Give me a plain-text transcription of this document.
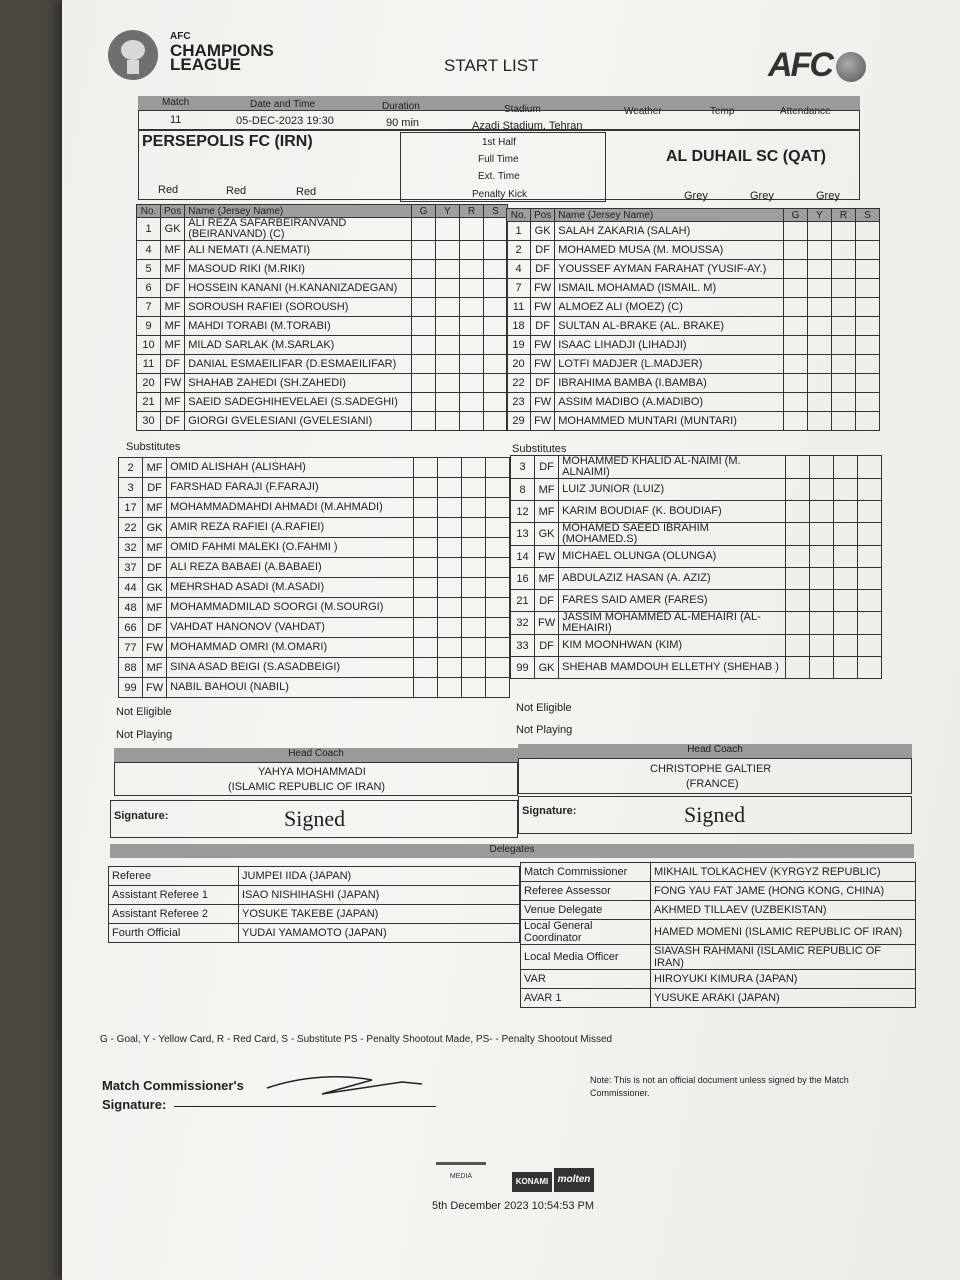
AFC
CHAMPIONS
LEAGUE	START LIST	AFC
Match	Date and Time	Duration	Stadium	Weather	Temp	Attendance
11	05-DEC-2023 19:30	90 min	Azadi Stadium, Tehran
PERSEPOLIS FC (IRN)
AL DUHAIL SC (QAT)
Red	Red	Red	Grey	Grey	Grey
1st Half
Full Time
Ext. Time
Penalty Kick
No.	Pos	Name (Jersey Name)	G	Y	R	S
1	GK	ALI REZA SAFARBEIRANVAND (BEIRANVAND) (C)				
4	MF	ALI NEMATI (A.NEMATI)				
5	MF	MASOUD RIKI (M.RIKI)				
6	DF	HOSSEIN KANANI (H.KANANIZADEGAN)				
7	MF	SOROUSH RAFIEI (SOROUSH)				
9	MF	MAHDI TORABI (M.TORABI)				
10	MF	MILAD SARLAK (M.SARLAK)				
11	DF	DANIAL ESMAEILIFAR (D.ESMAEILIFAR)				
20	FW	SHAHAB ZAHEDI (SH.ZAHEDI)				
21	MF	SAEID SADEGHIHEVELAEI (S.SADEGHI)				
30	DF	GIORGI GVELESIANI (GVELESIANI)				
No.	Pos	Name (Jersey Name)	G	Y	R	S
1	GK	SALAH ZAKARIA (SALAH)				
2	DF	MOHAMED MUSA (M. MOUSSA)				
4	DF	YOUSSEF AYMAN FARAHAT (YUSIF-AY.)				
7	FW	ISMAIL MOHAMAD (ISMAIL. M)				
11	FW	ALMOEZ ALI (MOEZ) (C)				
18	DF	SULTAN AL-BRAKE (AL. BRAKE)				
19	FW	ISAAC LIHADJI (LIHADJI)				
20	FW	LOTFI MADJER (L.MADJER)				
22	DF	IBRAHIMA BAMBA (I.BAMBA)				
23	FW	ASSIM MADIBO (A.MADIBO)				
29	FW	MOHAMMED MUNTARI (MUNTARI)				
Substitutes	Substitutes
2	MF	OMID ALISHAH (ALISHAH)				
3	DF	FARSHAD FARAJI (F.FARAJI)				
17	MF	MOHAMMADMAHDI AHMADI (M.AHMADI)				
22	GK	AMIR REZA RAFIEI (A.RAFIEI)				
32	MF	OMID FAHMI MALEKI (O.FAHMI )				
37	DF	ALI REZA BABAEI (A.BABAEI)				
44	GK	MEHRSHAD ASADI (M.ASADI)				
48	MF	MOHAMMADMILAD SOORGI (M.SOURGI)				
66	DF	VAHDAT HANONOV (VAHDAT)				
77	FW	MOHAMMAD OMRI (M.OMARI)				
88	MF	SINA ASAD BEIGI (S.ASADBEIGI)				
99	FW	NABIL BAHOUI (NABIL)				
3	DF	MOHAMMED KHALID AL-NAIMI (M. ALNAIMI)				
8	MF	LUIZ JUNIOR (LUIZ)				
12	MF	KARIM BOUDIAF (K. BOUDIAF)				
13	GK	MOHAMED SAEED IBRAHIM (MOHAMED.S)				
14	FW	MICHAEL OLUNGA (OLUNGA)				
16	MF	ABDULAZIZ HASAN (A. AZIZ)				
21	DF	FARES SAID AMER (FARES)				
32	FW	JASSIM MOHAMMED AL-MEHAIRI (AL-MEHAIRI)				
33	DF	KIM MOONHWAN (KIM)				
99	GK	SHEHAB MAMDOUH ELLETHY (SHEHAB )				
Not Eligible
Not Playing
Not Eligible
Not Playing
Head Coach	Head Coach
YAHYA MOHAMMADI
(ISLAMIC REPUBLIC OF IRAN)
CHRISTOPHE GALTIER
(FRANCE)
Signature:	Signed	Signature:	Signed
Delegates
Referee	JUMPEI IIDA (JAPAN)
Assistant Referee 1	ISAO NISHIHASHI (JAPAN)
Assistant Referee 2	YOSUKE TAKEBE (JAPAN)
Fourth Official	YUDAI YAMAMOTO (JAPAN)
Match Commissioner	MIKHAIL TOLKACHEV (KYRGYZ REPUBLIC)
Referee Assessor	FONG YAU FAT JAME (HONG KONG, CHINA)
Venue Delegate	AKHMED TILLAEV (UZBEKISTAN)
Local General Coordinator	HAMED MOMENI (ISLAMIC REPUBLIC OF IRAN)
Local Media Officer	SIAVASH RAHMANI (ISLAMIC REPUBLIC OF IRAN)
VAR	HIROYUKI KIMURA (JAPAN)
AVAR 1	YUSUKE ARAKI (JAPAN)
G - Goal, Y - Yellow Card, R - Red Card, S - Substitute PS - Penalty Shootout Made, PS- - Penalty Shootout Missed
Match Commissioner's
Signature:
Note: This is not an official document unless signed by the Match Commissioner.
MEDIA
KONAMI molten
5th December 2023 10:54:53 PM
